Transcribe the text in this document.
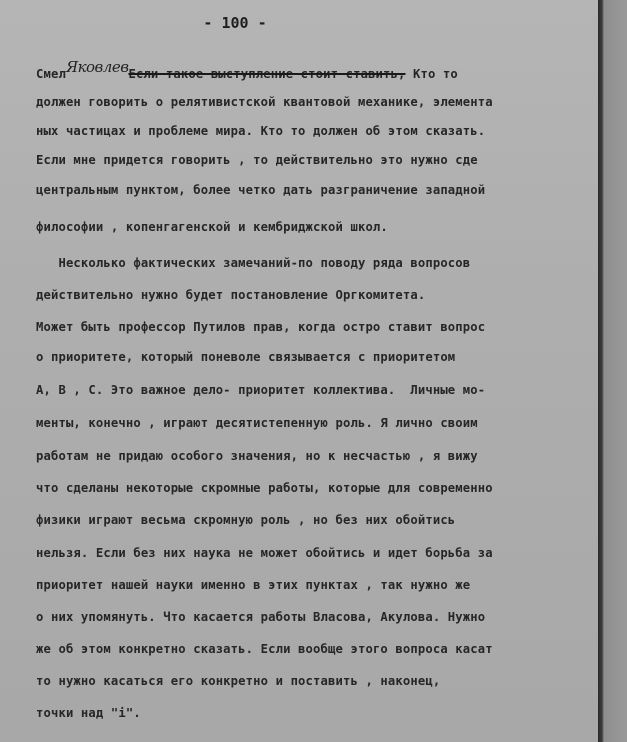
- 100 -
СмелЯковлевЕсли такое выступление стоит ставить, Кто то
должен говорить о релятивистской квантовой механике, элемента
ных частицах и проблеме мира. Кто то должен об этом сказать.
Если мне придется говорить , то действительно это нужно сде
центральным пунктом, более четко дать разграничение западной
философии , копенгагенской и кембриджской школ.
Несколько фактических замечаний-по поводу ряда вопросов
действительно нужно будет постановление Оргкомитета.
Может быть профессор Путилов прав, когда остро ставит вопрос
о приоритете, который поневоле связывается с приоритетом
А, В , С. Это важное дело- приоритет коллектива.  Личные мо-
менты, конечно , играют десятистепенную роль. Я лично своим
работам не придаю особого значения, но к несчастью , я вижу
что сделаны некоторые скромные работы, которые для современно
физики играют весьма скромную роль , но без них обойтись
нельзя. Если без них наука не может обойтись и идет борьба за
приоритет нашей науки именно в этих пунктах , так нужно же
о них упомянуть. Что касается работы Власова, Акулова. Нужно
же об этом конкретно сказать. Если вообще этого вопроса касат
то нужно касаться его конкретно и поставить , наконец,
точки над "i".
